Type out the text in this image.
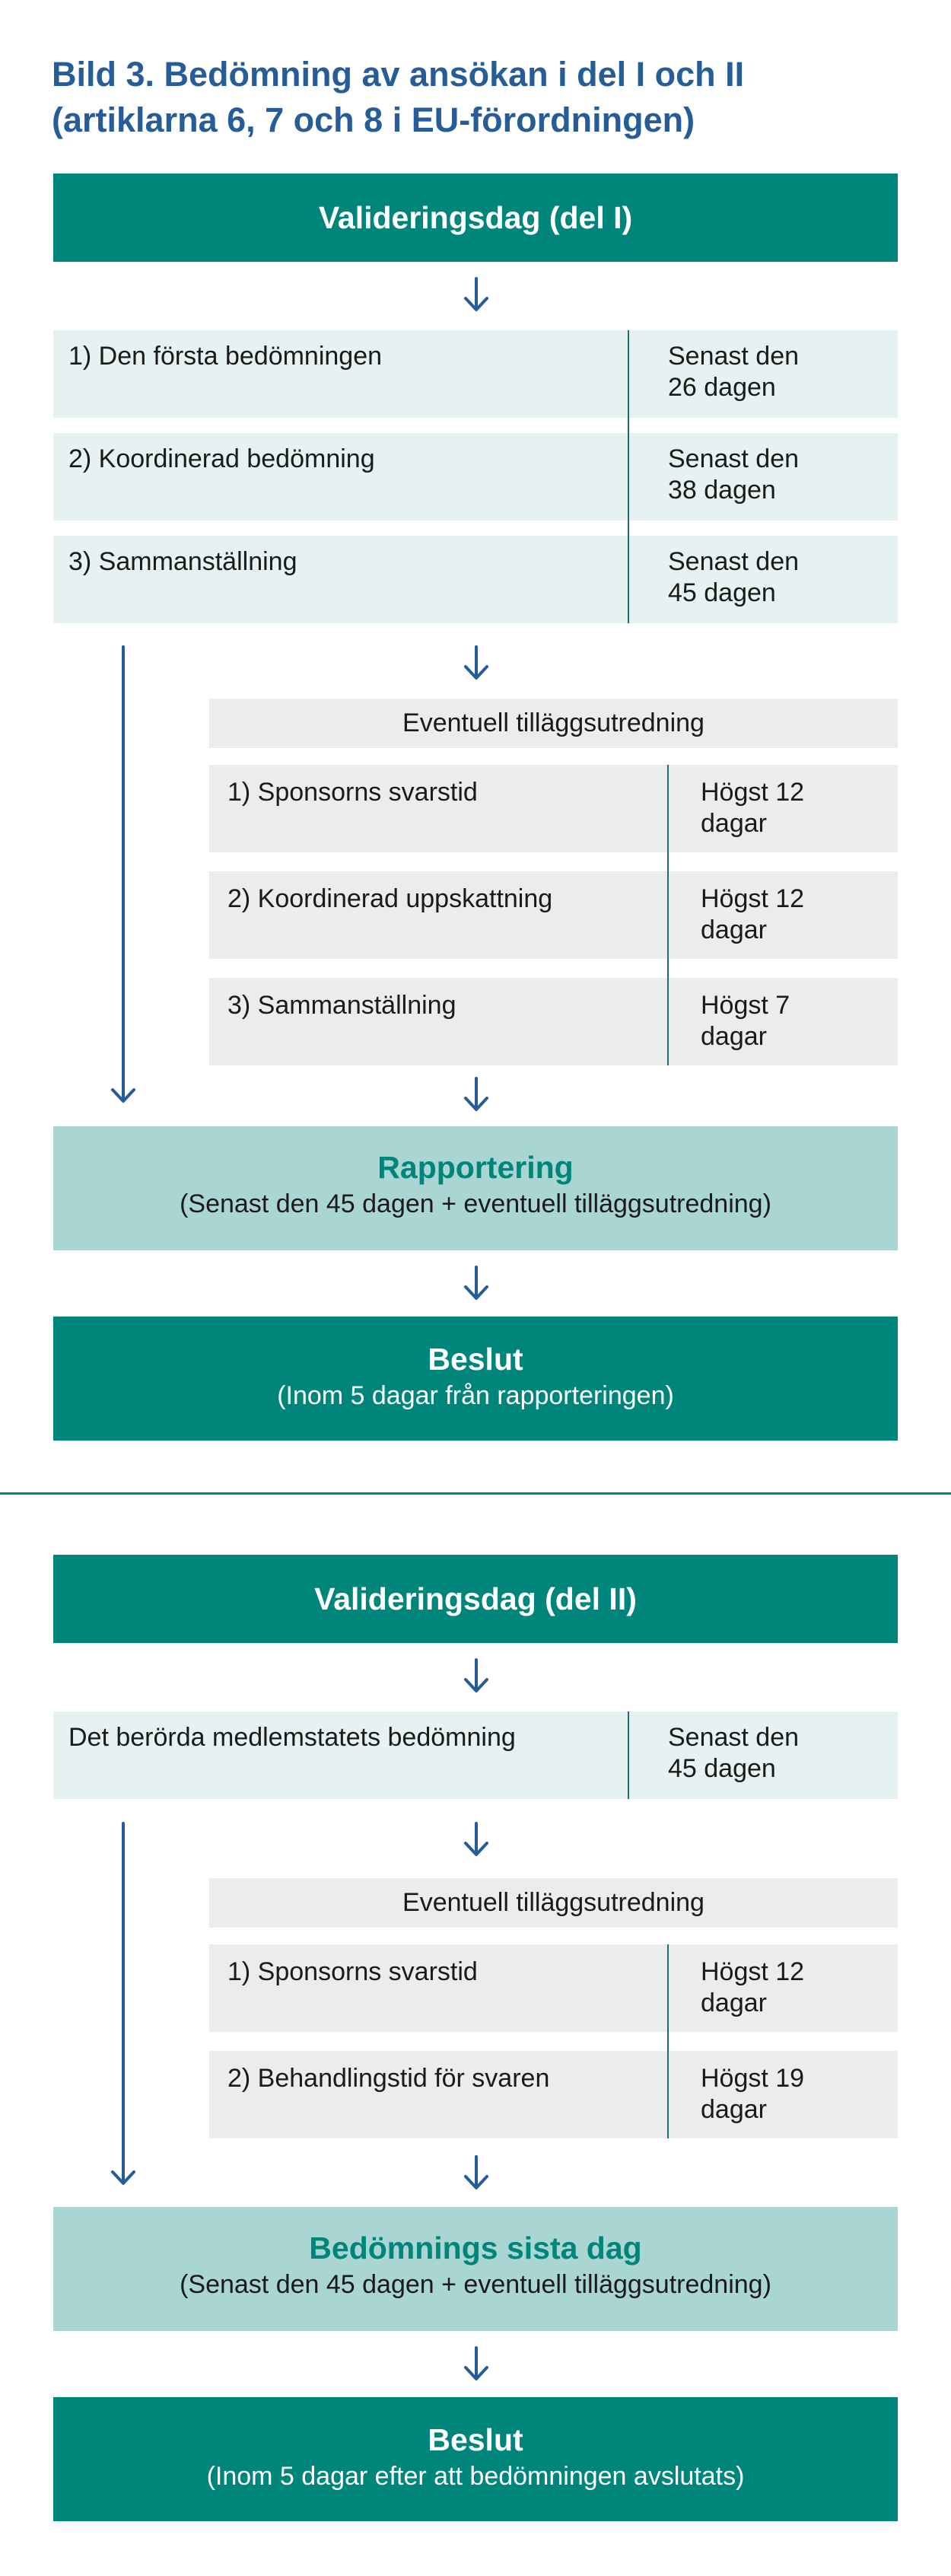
Bild 3. Bedömning av ansökan i del I och II
(artiklarna 6, 7 och 8 i EU-förordningen)
Valideringsdag (del I)
1) Den första bedömningen	Senast den
26 dagen
2) Koordinerad bedömning	Senast den
38 dagen
3) Sammanställning	Senast den
45 dagen
Eventuell tilläggsutredning
1) Sponsorns svarstid	Högst 12
dagar
2) Koordinerad uppskattning	Högst 12
dagar
3) Sammanställning	Högst 7
dagar
Rapportering
(Senast den 45 dagen + eventuell tilläggsutredning)
Beslut
(Inom 5 dagar från rapporteringen)
Valideringsdag (del II)
Det berörda medlemstatets bedömning	Senast den
45 dagen
Eventuell tilläggsutredning
1) Sponsorns svarstid	Högst 12
dagar
2) Behandlingstid för svaren	Högst 19
dagar
Bedömnings sista dag
(Senast den 45 dagen + eventuell tilläggsutredning)
Beslut
(Inom 5 dagar efter att bedömningen avslutats)
